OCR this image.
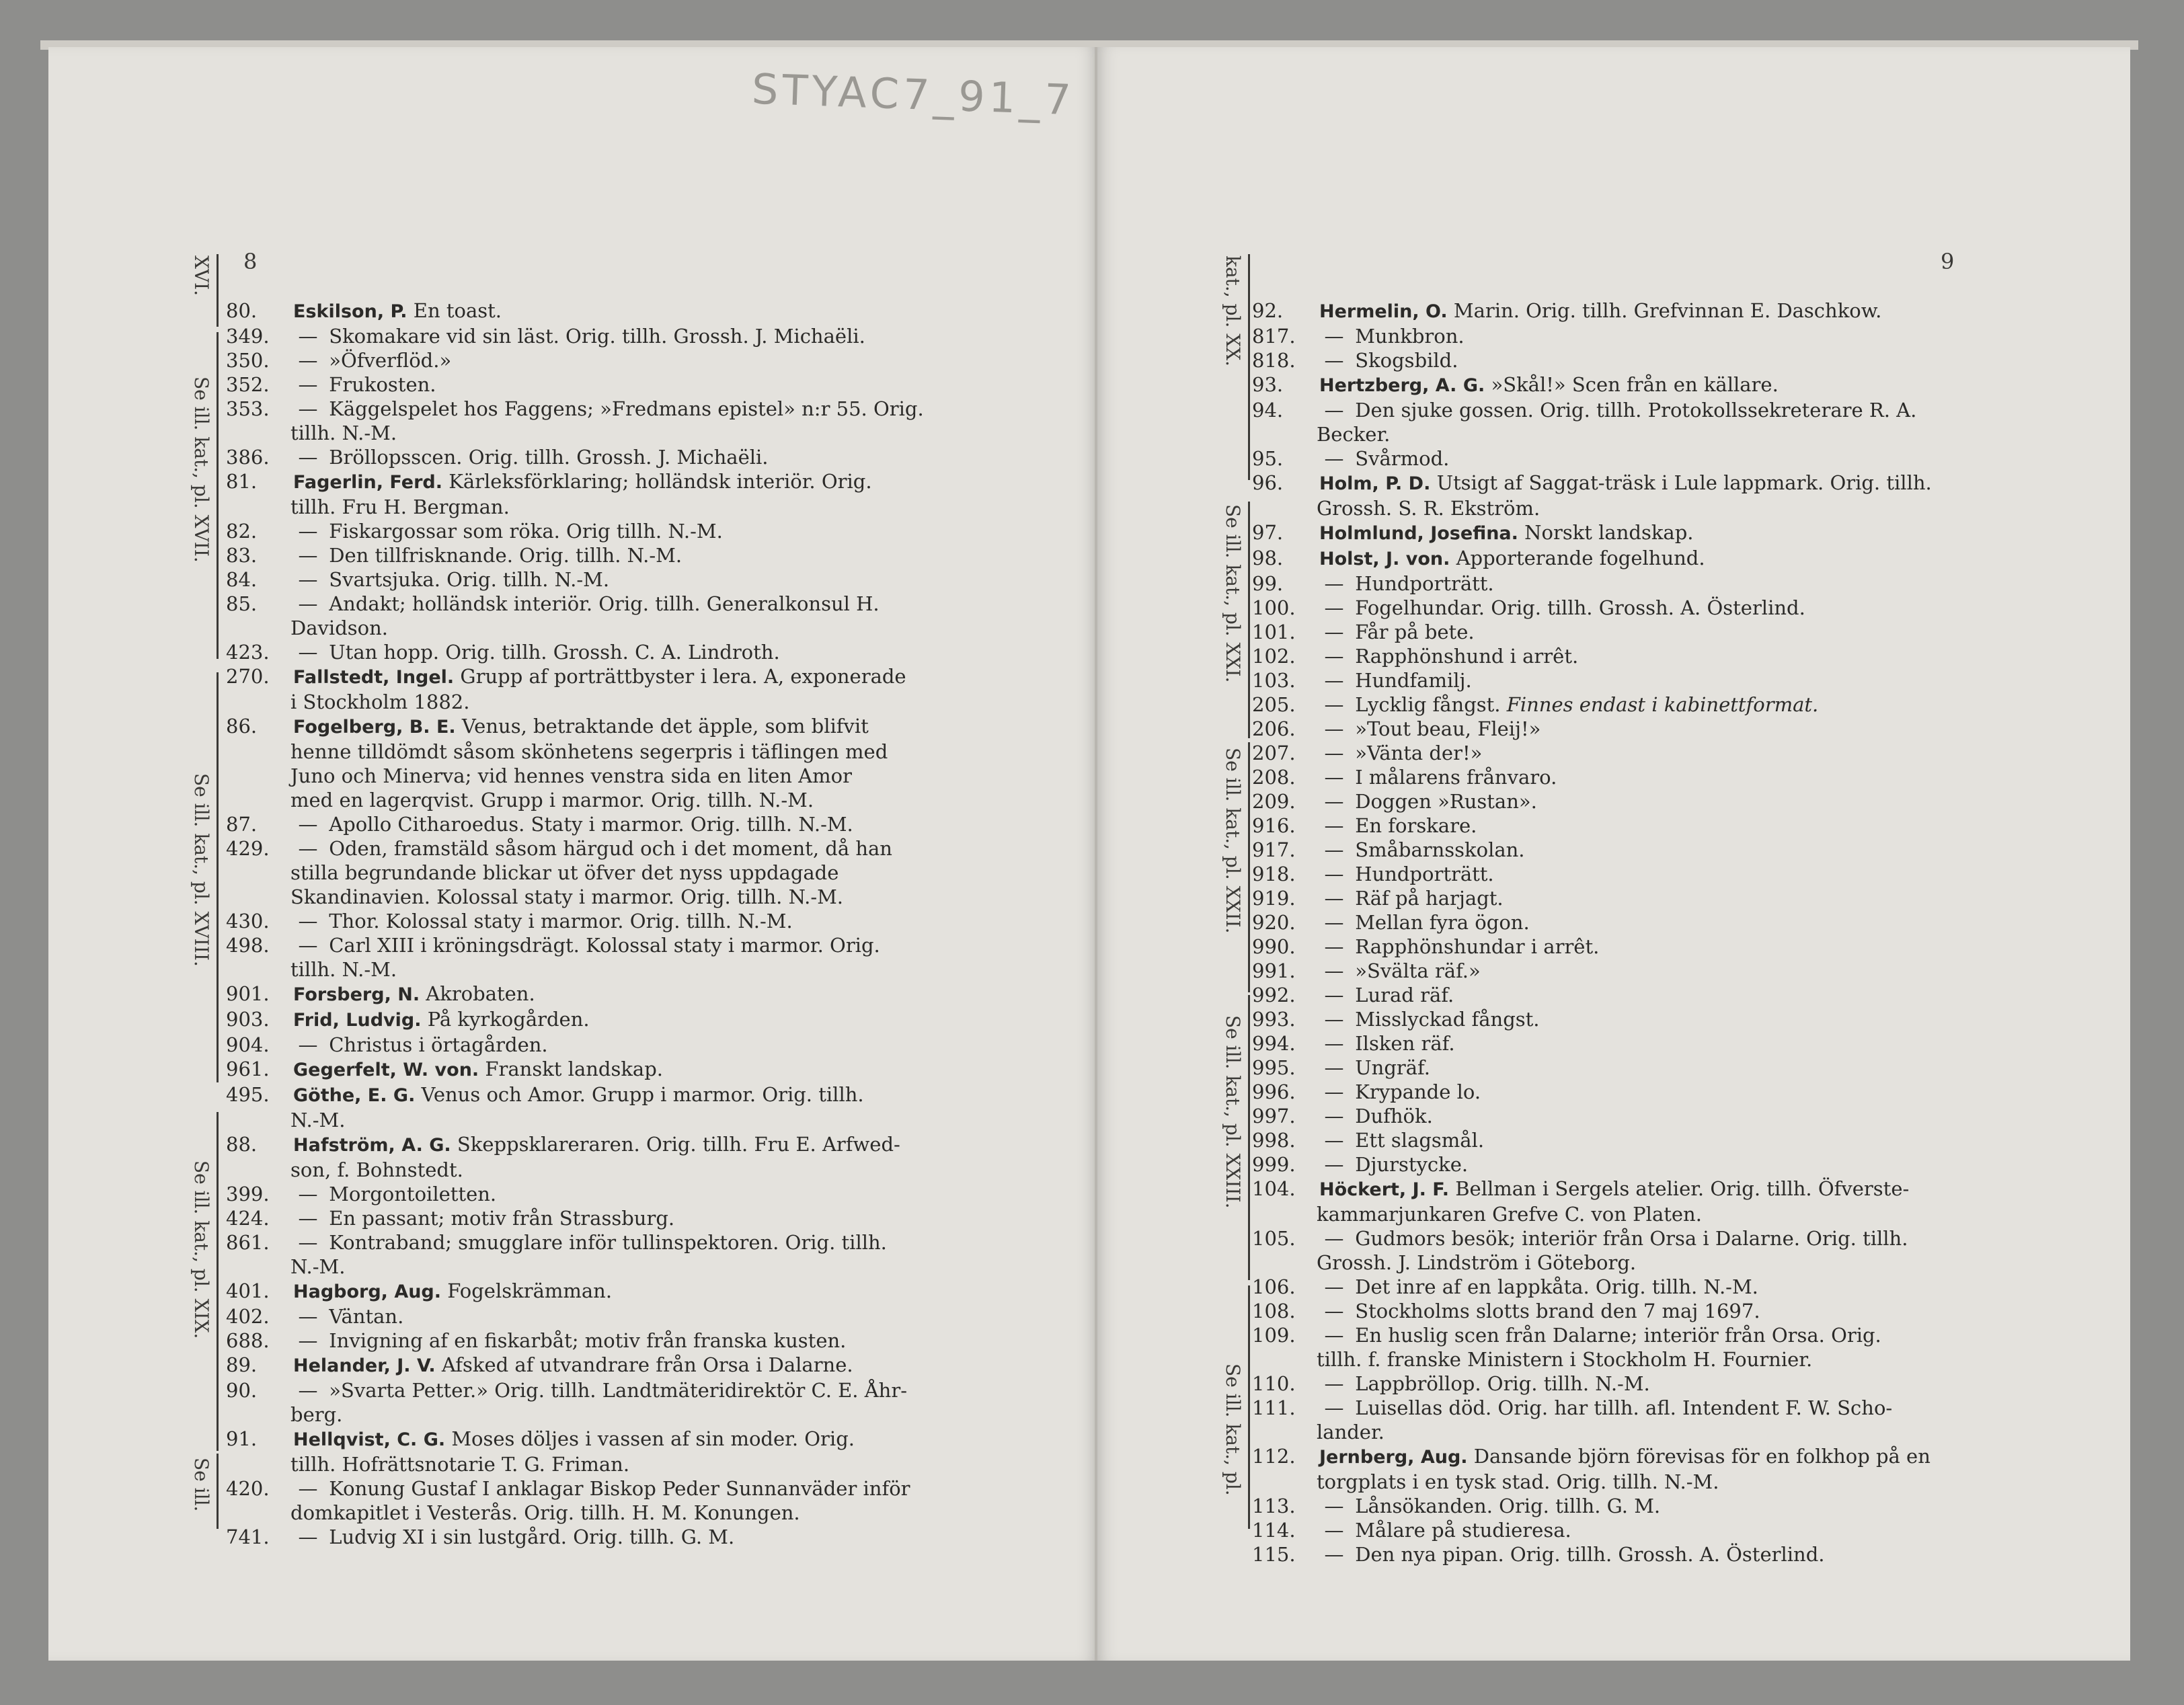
8
80.	Eskilson, P. En toast.
349.	— Skomakare vid sin läst. Orig. tillh. Grossh. J. Michaëli.
350.	— »Öfverflöd.»
352.	— Frukosten.
353.	— Käggelspelet hos Faggens; »Fredmans epistel» n:r 55. Orig.
tillh. N.-M.
386.	— Bröllopsscen. Orig. tillh. Grossh. J. Michaëli.
81.	Fagerlin, Ferd. Kärleksförklaring; holländsk interiör. Orig.
tillh. Fru H. Bergman.
82.	— Fiskargossar som röka. Orig tillh. N.-M.
83.	— Den tillfrisknande. Orig. tillh. N.-M.
84.	— Svartsjuka. Orig. tillh. N.-M.
85.	— Andakt; holländsk interiör. Orig. tillh. Generalkonsul H.
Davidson.
423.	— Utan hopp. Orig. tillh. Grossh. C. A. Lindroth.
270.	Fallstedt, Ingel. Grupp af porträttbyster i lera. A, exponerade
i Stockholm 1882.
86.	Fogelberg, B. E. Venus, betraktande det äpple, som blifvit
henne tilldömdt såsom skönhetens segerpris i täflingen med
Juno och Minerva; vid hennes venstra sida en liten Amor
med en lagerqvist. Grupp i marmor. Orig. tillh. N.-M.
87.	— Apollo Citharoedus. Staty i marmor. Orig. tillh. N.-M.
429.	— Oden, framstäld såsom härgud och i det moment, då han
stilla begrundande blickar ut öfver det nyss uppdagade
Skandinavien. Kolossal staty i marmor. Orig. tillh. N.-M.
430.	— Thor. Kolossal staty i marmor. Orig. tillh. N.-M.
498.	— Carl XIII i kröningsdrägt. Kolossal staty i marmor. Orig.
tillh. N.-M.
901.	Forsberg, N. Akrobaten.
903.	Frid, Ludvig. På kyrkogården.
904.	— Christus i örtagården.
961.	Gegerfelt, W. von. Franskt landskap.
495.	Göthe, E. G. Venus och Amor. Grupp i marmor. Orig. tillh.
N.-M.
88.	Hafström, A. G. Skeppsklareraren. Orig. tillh. Fru E. Arfwed-
son, f. Bohnstedt.
399.	— Morgontoiletten.
424.	— En passant; motiv från Strassburg.
861.	— Kontraband; smugglare inför tullinspektoren. Orig. tillh.
N.-M.
401.	Hagborg, Aug. Fogelskrämman.
402.	— Väntan.
688.	— Invigning af en fiskarbåt; motiv från franska kusten.
89.	Helander, J. V. Afsked af utvandrare från Orsa i Dalarne.
90.	— »Svarta Petter.» Orig. tillh. Landtmäteridirektör C. E. Åhr-
berg.
91.	Hellqvist, C. G. Moses döljes i vassen af sin moder. Orig.
tillh. Hofrättsnotarie T. G. Friman.
420.	— Konung Gustaf I anklagar Biskop Peder Sunnanväder inför
domkapitlet i Vesterås. Orig. tillh. H. M. Konungen.
741.	— Ludvig XI i sin lustgård. Orig. tillh. G. M.
9
92.	Hermelin, O. Marin. Orig. tillh. Grefvinnan E. Daschkow.
817.	— Munkbron.
818.	— Skogsbild.
93.	Hertzberg, A. G. »Skål!» Scen från en källare.
94.	— Den sjuke gossen. Orig. tillh. Protokollssekreterare R. A.
Becker.
95.	— Svårmod.
96.	Holm, P. D. Utsigt af Saggat-träsk i Lule lappmark. Orig. tillh.
Grossh. S. R. Ekström.
97.	Holmlund, Josefina. Norskt landskap.
98.	Holst, J. von. Apporterande fogelhund.
99.	— Hundporträtt.
100.	— Fogelhundar. Orig. tillh. Grossh. A. Österlind.
101.	— Får på bete.
102.	— Rapphönshund i arrêt.
103.	— Hundfamilj.
205.	— Lycklig fångst. Finnes endast i kabinettformat.
206.	— »Tout beau, Fleij!»
207.	— »Vänta der!»
208.	— I målarens frånvaro.
209.	— Doggen »Rustan».
916.	— En forskare.
917.	— Småbarnsskolan.
918.	— Hundporträtt.
919.	— Räf på harjagt.
920.	— Mellan fyra ögon.
990.	— Rapphönshundar i arrêt.
991.	— »Svälta räf.»
992.	— Lurad räf.
993.	— Misslyckad fångst.
994.	— Ilsken räf.
995.	— Ungräf.
996.	— Krypande lo.
997.	— Dufhök.
998.	— Ett slagsmål.
999.	— Djurstycke.
104.	Höckert, J. F. Bellman i Sergels atelier. Orig. tillh. Öfverste-
kammarjunkaren Grefve C. von Platen.
105.	— Gudmors besök; interiör från Orsa i Dalarne. Orig. tillh.
Grossh. J. Lindström i Göteborg.
106.	— Det inre af en lappkåta. Orig. tillh. N.-M.
108.	— Stockholms slotts brand den 7 maj 1697.
109.	— En huslig scen från Dalarne; interiör från Orsa. Orig.
tillh. f. franske Ministern i Stockholm H. Fournier.
110.	— Lappbröllop. Orig. tillh. N.-M.
111.	— Luisellas död. Orig. har tillh. afl. Intendent F. W. Scho-
lander.
112.	Jernberg, Aug. Dansande björn förevisas för en folkhop på en
torgplats i en tysk stad. Orig. tillh. N.-M.
113.	— Lånsökanden. Orig. tillh. G. M.
114.	— Målare på studieresa.
115.	— Den nya pipan. Orig. tillh. Grossh. A. Österlind.
STYAC7_91_7
XVI.
Se ill. kat., pl. XVII.
Se ill. kat., pl. XVIII.
Se ill. kat., pl. XIX.
Se ill.
kat., pl. XX.
Se ill. kat., pl. XXI.
Se ill. kat., pl. XXII.
Se ill. kat., pl. XXIII.
Se ill. kat., pl.
